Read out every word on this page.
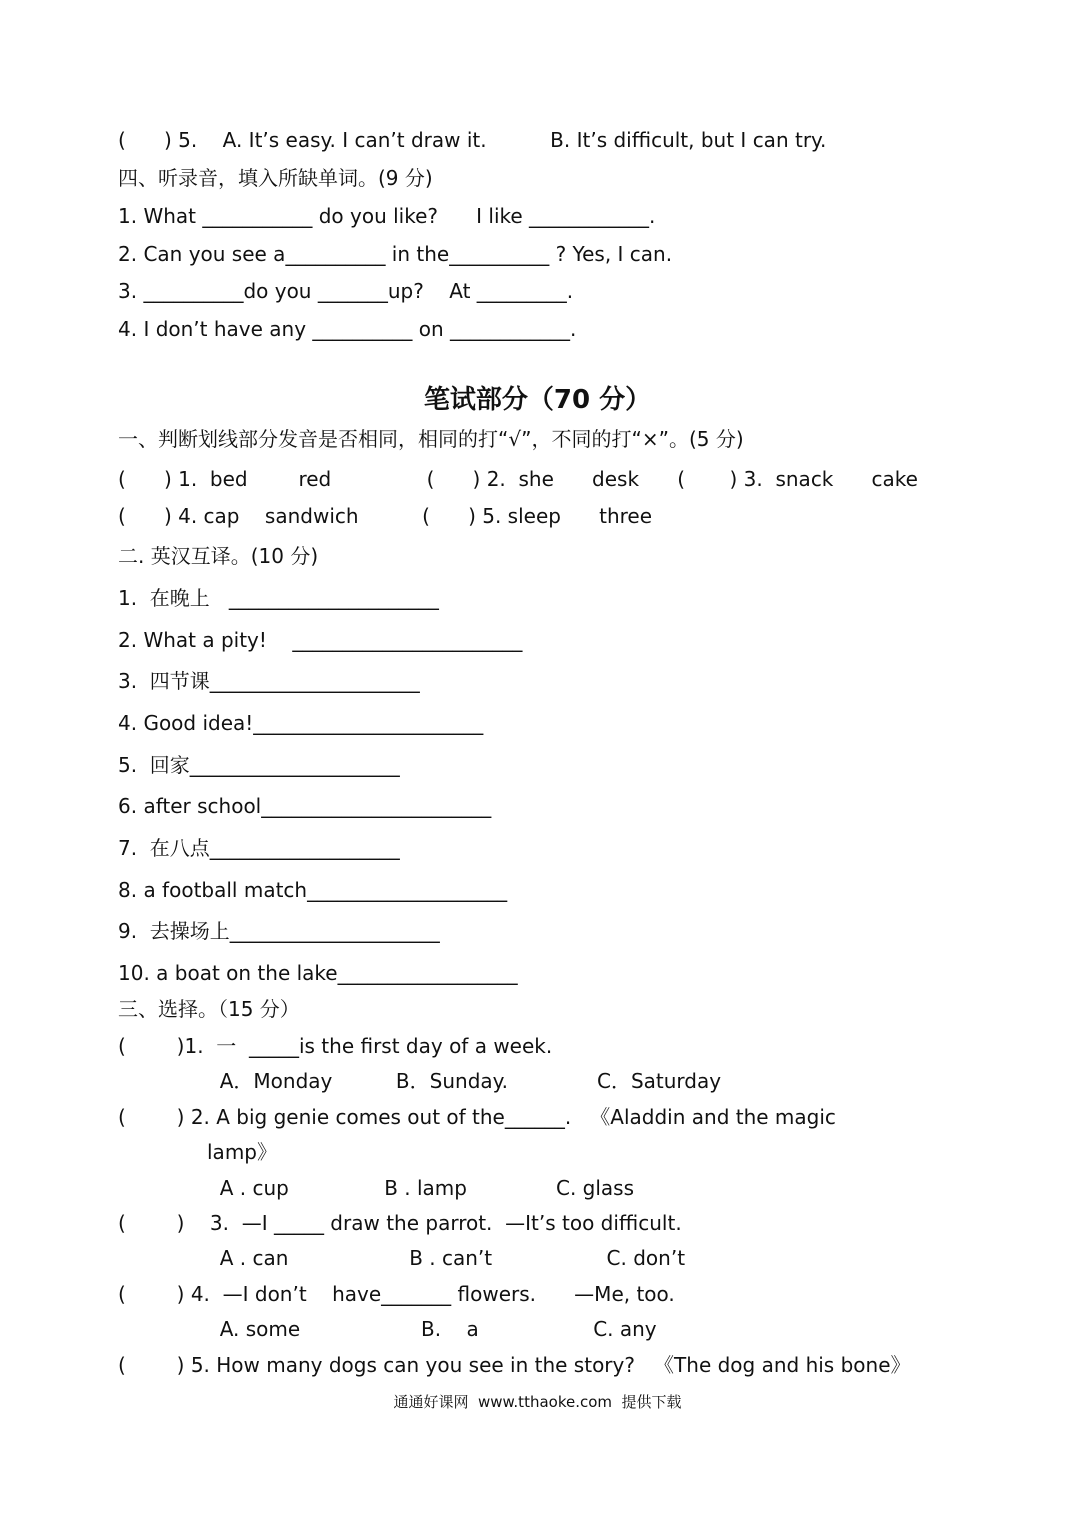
(      ) 5.    A. It’s easy. I can’t draw it.          B. It’s difficult, but I can try.
四、听录音，填入所缺单词。(9 分)
1. What ___________ do you like?      I like ____________.
2. Can you see a__________ in the__________ ? Yes, I can.
3. __________do you _______up?    At _________.
4. I don’t have any __________ on ____________.
笔试部分（70 分）
一、判断划线部分发音是否相同，相同的打“√”，不同的打“×”。(5 分)
(      ) 1.  bed        red               (      ) 2.  she      desk      (       ) 3.  snack      cake
(      ) 4. cap    sandwich          (      ) 5. sleep      three
二. 英汉互译。(10 分)
1.  在晚上   _____________________
2. What a pity!    _______________________
3.  四节课_____________________
4. Good idea!_______________________
5.  回家_____________________
6. after school_______________________
7.  在八点___________________
8. a football match____________________
9.  去操场上_____________________
10. a boat on the lake__________________
三、选择。（15 分）
(        )1.  一  _____is the first day of a week.
A．Monday          B．Sunday.              C．Saturday
(        ) 2. A big genie comes out of the______.   《Aladdin and the magic
lamp》
A . cup               B . lamp              C. glass
(        )    3.  —I _____ draw the parrot.  —It’s too difficult.
A . can                   B . can’t                  C. don’t
(        ) 4.  —I don’t    have_______ flowers.      —Me, too.
A. some                   B.    a                  C. any
(        ) 5. How many dogs can you see in the story?   《The dog and his bone》
通通好课网  www.tthaoke.com  提供下载
